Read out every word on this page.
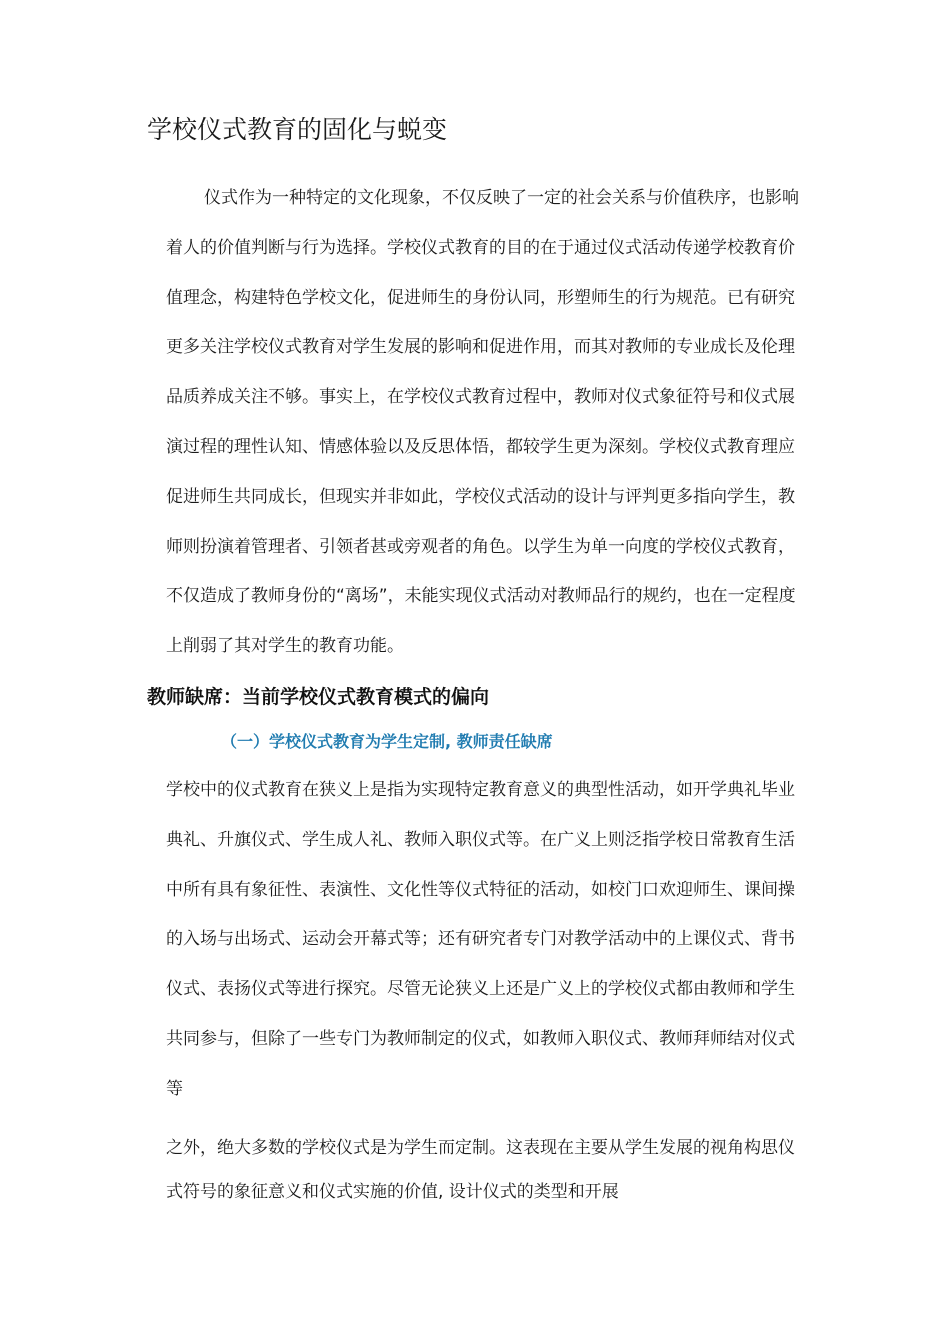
学校仪式教育的固化与蜕变

仪式作为一种特定的文化现象，不仅反映了一定的社会关系与价值秩序，也影响着人的价值判断与行为选择。学校仪式教育的目的在于通过仪式活动传递学校教育价值理念，构建特色学校文化，促进师生的身份认同，形塑师生的行为规范。已有研究更多关注学校仪式教育对学生发展的影响和促进作用，而其对教师的专业成长及伦理品质养成关注不够。事实上，在学校仪式教育过程中，教师对仪式象征符号和仪式展演过程的理性认知、情感体验以及反思体悟，都较学生更为深刻。学校仪式教育理应促进师生共同成长，但现实并非如此，学校仪式活动的设计与评判更多指向学生，教师则扮演着管理者、引领者甚或旁观者的角色。以学生为单一向度的学校仪式教育，不仅造成了教师身份的“离场”，未能实现仪式活动对教师品行的规约，也在一定程度上削弱了其对学生的教育功能。

教师缺席：当前学校仪式教育模式的偏向
（一）学校仪式教育为学生定制, 教师责任缺席

学校中的仪式教育在狭义上是指为实现特定教育意义的典型性活动，如开学典礼毕业典礼、升旗仪式、学生成人礼、教师入职仪式等。在广义上则泛指学校日常教育生活中所有具有象征性、表演性、文化性等仪式特征的活动，如校门口欢迎师生、课间操的入场与出场式、运动会开幕式等；还有研究者专门对教学活动中的上课仪式、背书仪式、表扬仪式等进行探究。尽管无论狭义上还是广义上的学校仪式都由教师和学生共同参与，但除了一些专门为教师制定的仪式，如教师入职仪式、教师拜师结对仪式等

之外，绝大多数的学校仪式是为学生而定制。这表现在主要从学生发展的视角构思仪式符号的象征意义和仪式实施的价值, 设计仪式的类型和开展
